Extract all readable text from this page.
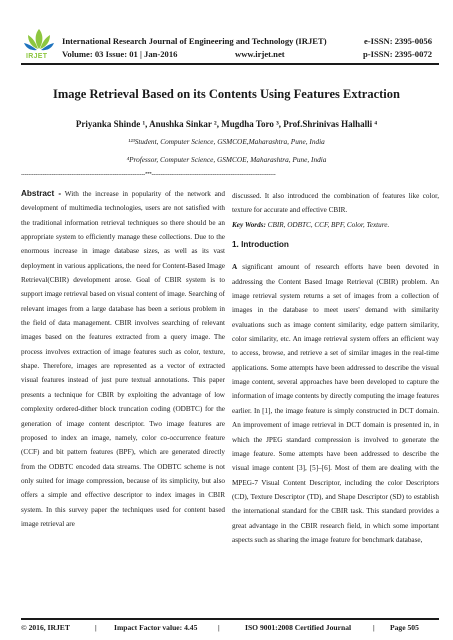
IRJET
International Research Journal of Engineering and Technology (IRJET)	e-ISSN: 2395-0056
Volume: 03 Issue: 01 | Jan-2016	www.irjet.net	p-ISSN: 2395-0072
Image Retrieval Based on its Contents Using Features Extraction
Priyanka Shinde ¹, Anushka Sinkar ², Mugdha Toro ³, Prof.Shrinivas Halhalli ⁴
¹²³Student, Computer Science, GSMCOE,Maharashtra, Pune, India
⁴Professor, Computer Science, GSMCOE, Maharashtra, Pune, India
---------------------------------------------------------------------***---------------------------------------------------------------------

Abstract - With the increase in popularity of the network and development of multimedia technologies, users are not satisfied with the traditional information retrieval techniques so there should be an appropriate system to efficiently manage these collections. Due to the enormous increase in image database sizes, as well as its vast deployment in various applications, the need for Content-Based Image Retrieval(CBIR) development arose. Goal of CBIR system is to support image retrieval based on visual content of image. Searching of relevant images from a large database has been a serious problem in the field of data management. CBIR involves searching of relevant images based on the features extracted from a query image. The process involves extraction of image features such as color, texture, shape. Therefore, images are represented as a vector of extracted visual features instead of just pure textual annotations. This paper presents a technique for CBIR by exploiting the advantage of low complexity ordered-dither block truncation coding (ODBTC) for the generation of image content descriptor. Two image features are proposed to index an image, namely, color co-occurrence feature (CCF) and bit pattern features (BPF), which are generated directly from the ODBTC encoded data streams. The ODBTC scheme is not only suited for image compression, because of its simplicity, but also offers a simple and effective descriptor to index images in CBIR system. In this survey paper the techniques used for content based image retrieval are

discussed. It also introduced the combination of features like color, texture for accurate and effective CBIR.

Key Words: CBIR, ODBTC, CCF, BPF, Color, Texture.

1. Introduction

A significant amount of research efforts have been devoted in addressing the Content Based Image Retrieval (CBIR) problem. An image retrieval system returns a set of images from a collection of images in the database to meet users' demand with similarity evaluations such as image content similarity, edge pattern similarity, color similarity, etc. An image retrieval system offers an efficient way to access, browse, and retrieve a set of similar images in the real-time applications. Some attempts have been addressed to describe the visual image content, several approaches have been developed to capture the information of image contents by directly computing the image features earlier. In [1], the image feature is simply constructed in DCT domain. An improvement of image retrieval in DCT domain is presented in, in which the JPEG standard compression is involved to generate the image feature. Some attempts have been addressed to describe the visual image content [3], [5]–[6]. Most of them are dealing with the MPEG-7 Visual Content Descriptor, including the color Descriptors (CD), Texture Descriptor (TD), and Shape Descriptor (SD) to establish the international standard for the CBIR task. This standard provides a great advantage in the CBIR research field, in which some important aspects such as sharing the image feature for benchmark database,

© 2016, IRJET	| Impact Factor value: 4.45	|	ISO 9001:2008 Certified Journal	| Page 505
